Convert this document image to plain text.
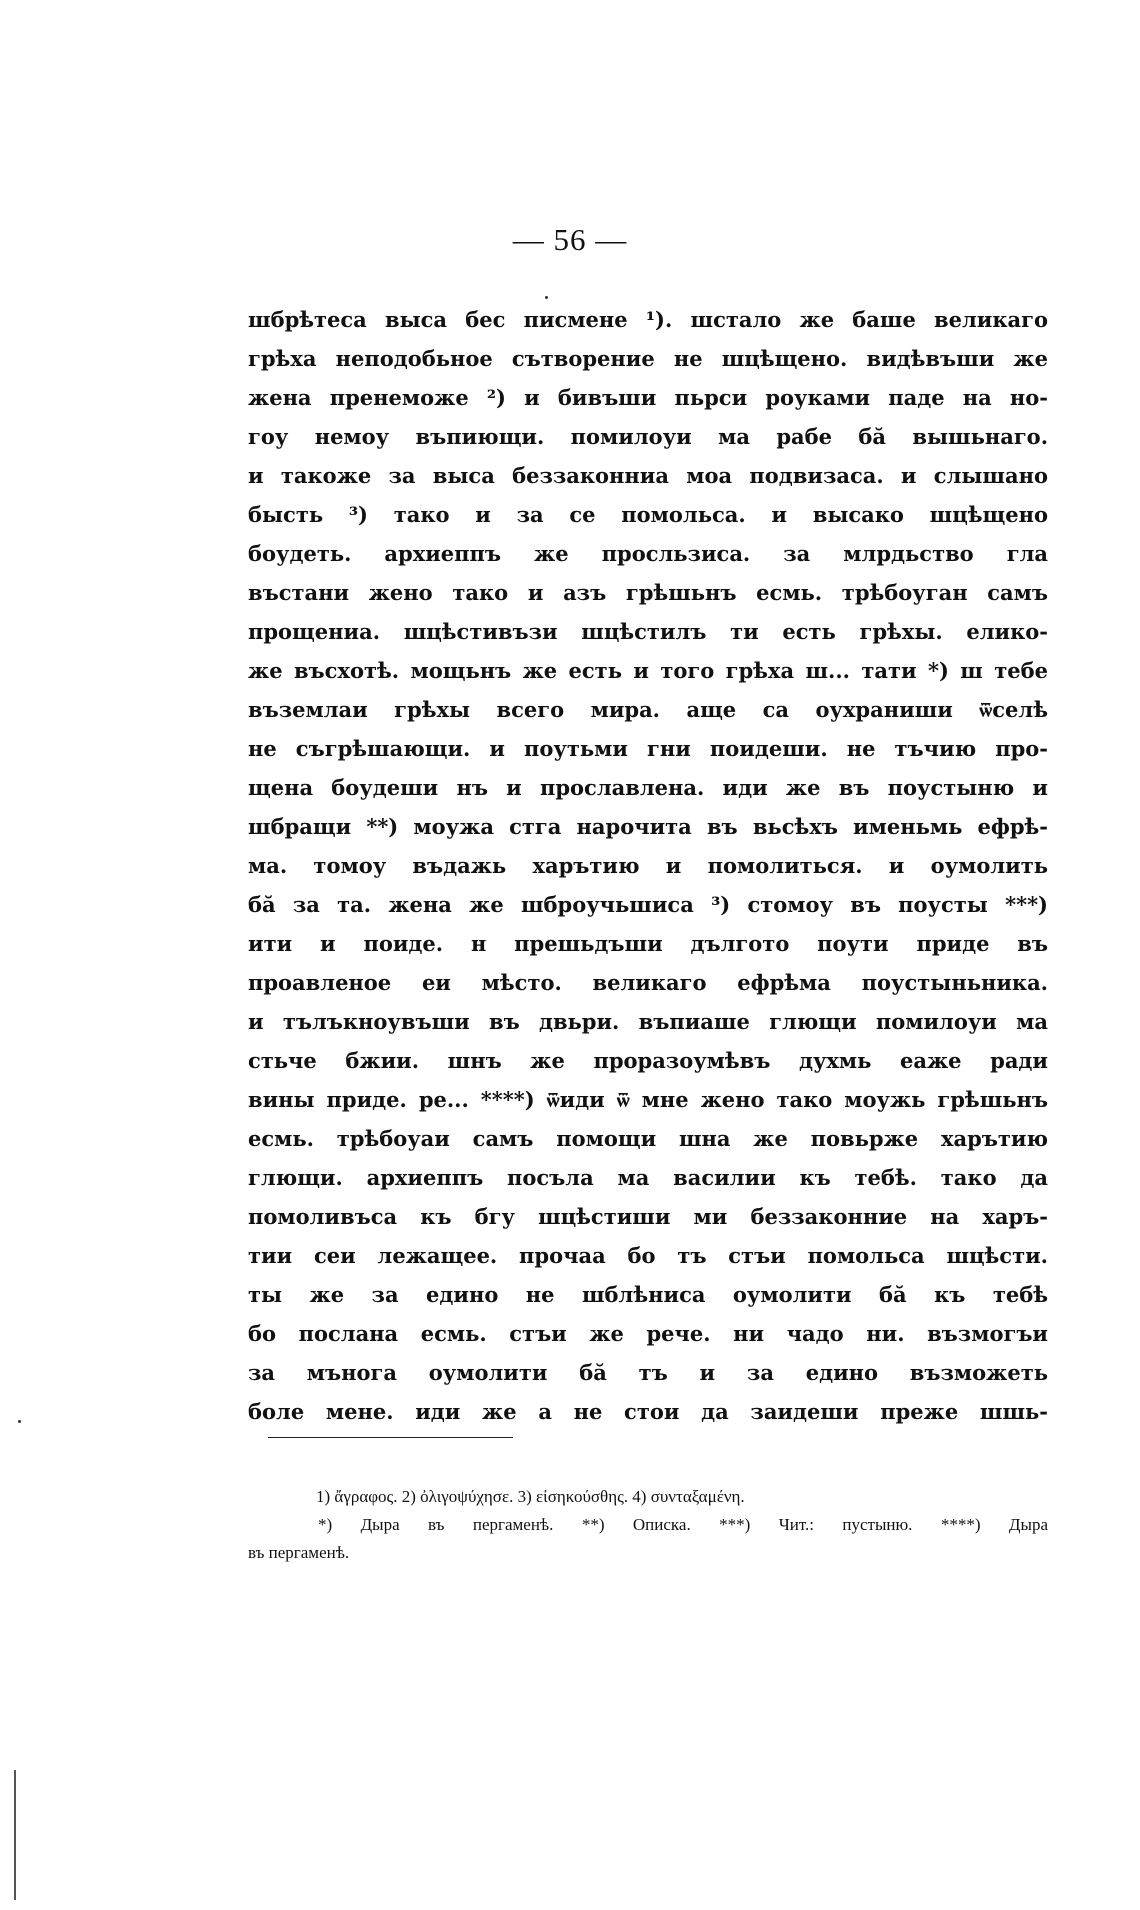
— 56 —
шбрѣтеса выса бес писмене ¹). шстало же баше великаго
грѣха неподобьное сътворение не шцѣщено. видѣвъши же
жена пренеможе ²) и бивъши пьрси роуками паде на но-
гоу немоу въпиющи. помилоуи ма рабе бӑ вышьнаго.
и такоже за выса беззаконниа моа подвизаса. и слышано
бысть ³) тако и за се помольса. и высако шцѣщено
боудеть. архиеппъ же просльзиса. за млрдьство гла
въстани жено тако и азъ грѣшьнъ есмь. трѣбоуган самъ
прощениа. шцѣстивъзи шцѣстилъ ти есть грѣхы. елико-
же въсхотѣ. мощьнъ же есть и того грѣха ш... тати *) ш тебе
въземлаи грѣхы всего мира. аще са оухраниши ѿселѣ
не съгрѣшающи. и поутьми гни поидеши. не тъчию про-
щена боудеши нъ и прославлена. иди же въ поустыню и
шбращи **) моужа стга нарочита въ вьсѣхъ именьмь ефрѣ-
ма. томоу въдажь харътию и помолиться. и оумолить
бӑ за та. жена же шброучьшиса ³) стомоу въ поусты ***)
ити и поиде. н прешьдъши дългото поути приде въ
проавленое еи мѣсто. великаго ефрѣма поустыньника.
и тълъкноувъши въ двьри. въпиаше глющи помилоуи ма
стьче бжии. шнъ же проразоумѣвъ духмь еаже ради
вины приде. ре... ****) ѿиди ѿ мне жено тако моужь грѣшьнъ
есмь. трѣбоуаи самъ помощи шна же повьрже харътию
глющи. архиеппъ посъла ма василии къ тебѣ. тако да
помоливъса къ бгу шцѣстиши ми беззаконние на харъ-
тии сеи лежащее. прочаа бо тъ стъи помольса шцѣсти.
ты же за едино не шблѣниса оумолити бӑ къ тебѣ
бо послана есмь. стъи же рече. ни чадо ни. възмогъи
за мънога оумолити бӑ тъ и за едино възможеть
боле мене. иди же а не стои да заидеши преже шшь-
1) ἄγραφος. 2) ὀλιγοψύχησε. 3) εἰσηκούσθης. 4) συνταξαμένη.
*) Дыра въ пергаменѣ. **) Описка. ***) Чит.: пустыню. ****) Дыра
въ пергаменѣ.
